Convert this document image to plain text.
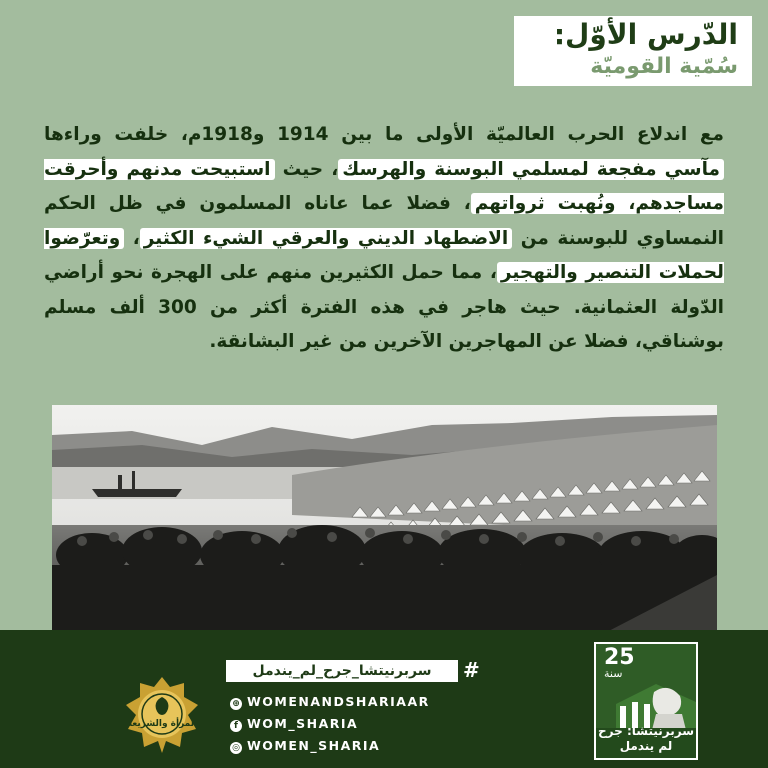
الدّرس الأوّل:
سُمّية القوميّة
مع اندلاع الحرب العالميّة الأولى ما بين 1914 و1918م، خلفت وراءها مآسي مفجعة لمسلمي البوسنة والهرسك، حيث استبيحت مدنهم وأحرقت مساجدهم، ونُهبت ثرواتهم، فضلا عما عاناه المسلمون في ظل الحكم النمساوي للبوسنة من الاضطهاد الديني والعرقي الشيء الكثير، وتعرّضوا لحملات التنصير والتهجير، مما حمل الكثيرين منهم على الهجرة نحو أراضي الدّولة العثمانية. حيث هاجر في هذه الفترة أكثر من 300 ألف مسلم بوشناقي، فضلا عن المهاجرين الآخرين من غير البشانقة.
سربرنيتشا_جرح_لم_يندمل	#
⊕ WOMENANDSHARIAAR
f WOM_SHARIA
◎ WOMEN_SHARIA
المرأة والشريعة
25
سنة
سربرنيتشا: جرح لم يندمل
